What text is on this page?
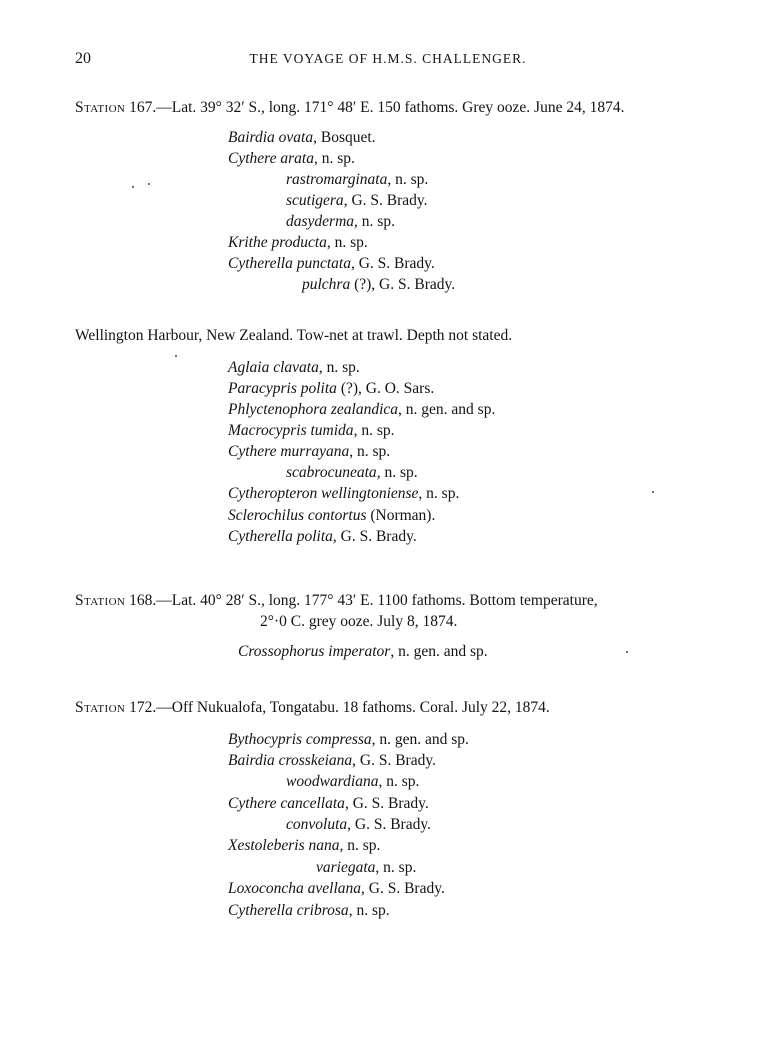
20	THE VOYAGE OF H.M.S. CHALLENGER.
Station 167.—Lat. 39° 32′ S., long. 171° 48′ E. 150 fathoms. Grey ooze. June 24, 1874.
Bairdia ovata, Bosquet.
Cythere arata, n. sp.
rastromarginata, n. sp.
scutigera, G. S. Brady.
dasyderma, n. sp.
Krithe producta, n. sp.
Cytherella punctata, G. S. Brady.
pulchra (?), G. S. Brady.
Wellington Harbour, New Zealand. Tow-net at trawl. Depth not stated.
Aglaia clavata, n. sp.
Paracypris polita (?), G. O. Sars.
Phlyctenophora zealandica, n. gen. and sp.
Macrocypris tumida, n. sp.
Cythere murrayana, n. sp.
scabrocuneata, n. sp.
Cytheropteron wellingtoniense, n. sp.
Sclerochilus contortus (Norman).
Cytherella polita, G. S. Brady.
Station 168.—Lat. 40° 28′ S., long. 177° 43′ E. 1100 fathoms. Bottom temperature,
2°·0 C. grey ooze. July 8, 1874.
Crossophorus imperator, n. gen. and sp.
Station 172.—Off Nukualofa, Tongatabu. 18 fathoms. Coral. July 22, 1874.
Bythocypris compressa, n. gen. and sp.
Bairdia crosskeiana, G. S. Brady.
woodwardiana, n. sp.
Cythere cancellata, G. S. Brady.
convoluta, G. S. Brady.
Xestoleberis nana, n. sp.
variegata, n. sp.
Loxoconcha avellana, G. S. Brady.
Cytherella cribrosa, n. sp.
